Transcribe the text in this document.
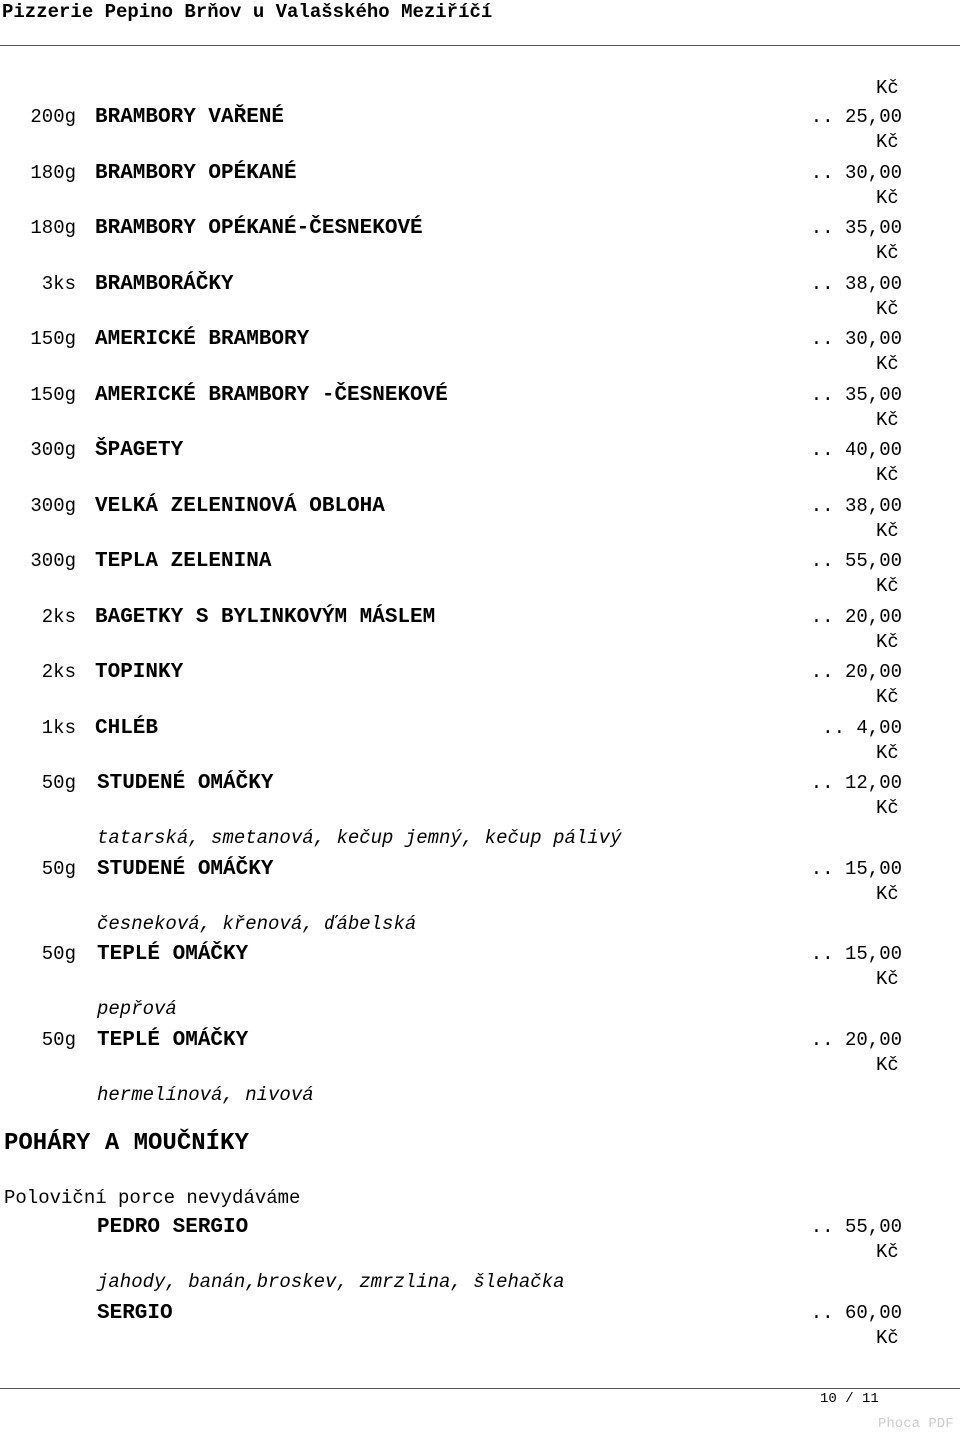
Pizzerie Pepino Brňov u Valašského Meziříčí
Kč
200g BRAMBORY VAŘENÉ	.. 25,00
Kč
180g BRAMBORY OPÉKANÉ	.. 30,00
Kč
180g BRAMBORY OPÉKANÉ-ČESNEKOVÉ	.. 35,00
Kč
3ks BRAMBORÁČKY	.. 38,00
Kč
150g AMERICKÉ BRAMBORY	.. 30,00
Kč
150g AMERICKÉ BRAMBORY -ČESNEKOVÉ	.. 35,00
Kč
300g ŠPAGETY	.. 40,00
Kč
300g VELKÁ ZELENINOVÁ OBLOHA	.. 38,00
Kč
300g TEPLA ZELENINA	.. 55,00
Kč
2ks BAGETKY S BYLINKOVÝM MÁSLEM	.. 20,00
Kč
2ks TOPINKY	.. 20,00
Kč
1ks CHLÉB	.. 4,00
Kč
50g STUDENÉ OMÁČKY	.. 12,00
Kč
tatarská, smetanová, kečup jemný, kečup pálivý
50g STUDENÉ OMÁČKY	.. 15,00
Kč
česneková, křenová, ďábelská
50g TEPLÉ OMÁČKY	.. 15,00
Kč
pepřová
50g TEPLÉ OMÁČKY	.. 20,00
Kč
hermelínová, nivová
PEDRO SERGIO	.. 55,00
Kč
jahody, banán,broskev, zmrzlina, šlehačka
SERGIO	.. 60,00
Kč
POHÁRY A MOUČNÍKY
Poloviční porce nevydáváme
10 / 11
Phoca PDF
